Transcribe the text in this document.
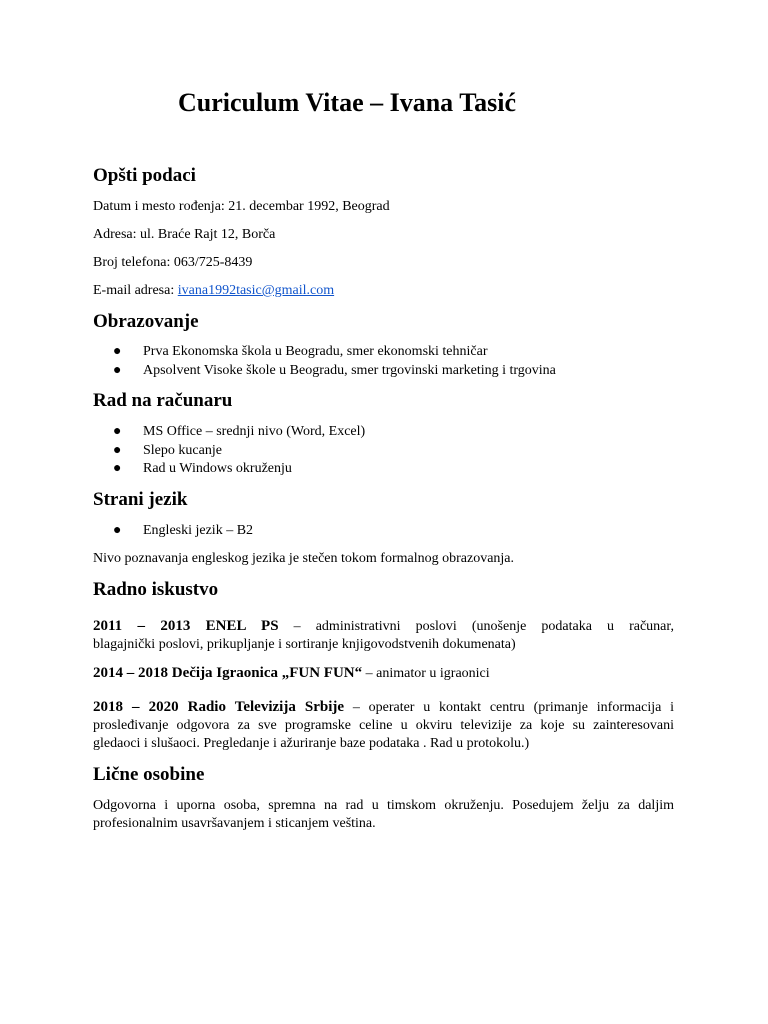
Curiculum Vitae – Ivana Tasić
Opšti podaci
Datum i mesto rođenja: 21. decembar 1992, Beograd
Adresa: ul. Braće Rajt 12, Borča
Broj telefona: 063/725-8439
E-mail adresa: ivana1992tasic@gmail.com
Obrazovanje
● Prva Ekonomska škola u Beogradu, smer ekonomski tehničar
● Apsolvent Visoke škole u Beogradu, smer trgovinski marketing i trgovina
Rad na računaru
● MS Office – srednji nivo (Word, Excel)
● Slepo kucanje
● Rad u Windows okruženju
Strani jezik
● Engleski jezik – B2
Nivo poznavanja engleskog jezika je stečen tokom formalnog obrazovanja.
Radno iskustvo

2011 – 2013 ENEL PS – administrativni poslovi (unošenje podataka u računar,

blagajnički poslovi, prikupljanje i sortiranje knjigovodstvenih dokumenata)

2014 – 2018 Dečija Igraonica „FUN FUN“ – animator u igraonici

2018 – 2020 Radio Televizija Srbije – operater u kontakt centru (primanje informacija i

prosleđivanje odgovora za sve programske celine u okviru televizije za koje su zainteresovani

gledaoci i slušaoci. Pregledanje i ažuriranje baze podataka . Rad u protokolu.)

Lične osobine

Odgovorna i uporna osoba, spremna na rad u timskom okruženju. Posedujem želju za daljim

profesionalnim usavršavanjem i sticanjem veština.
